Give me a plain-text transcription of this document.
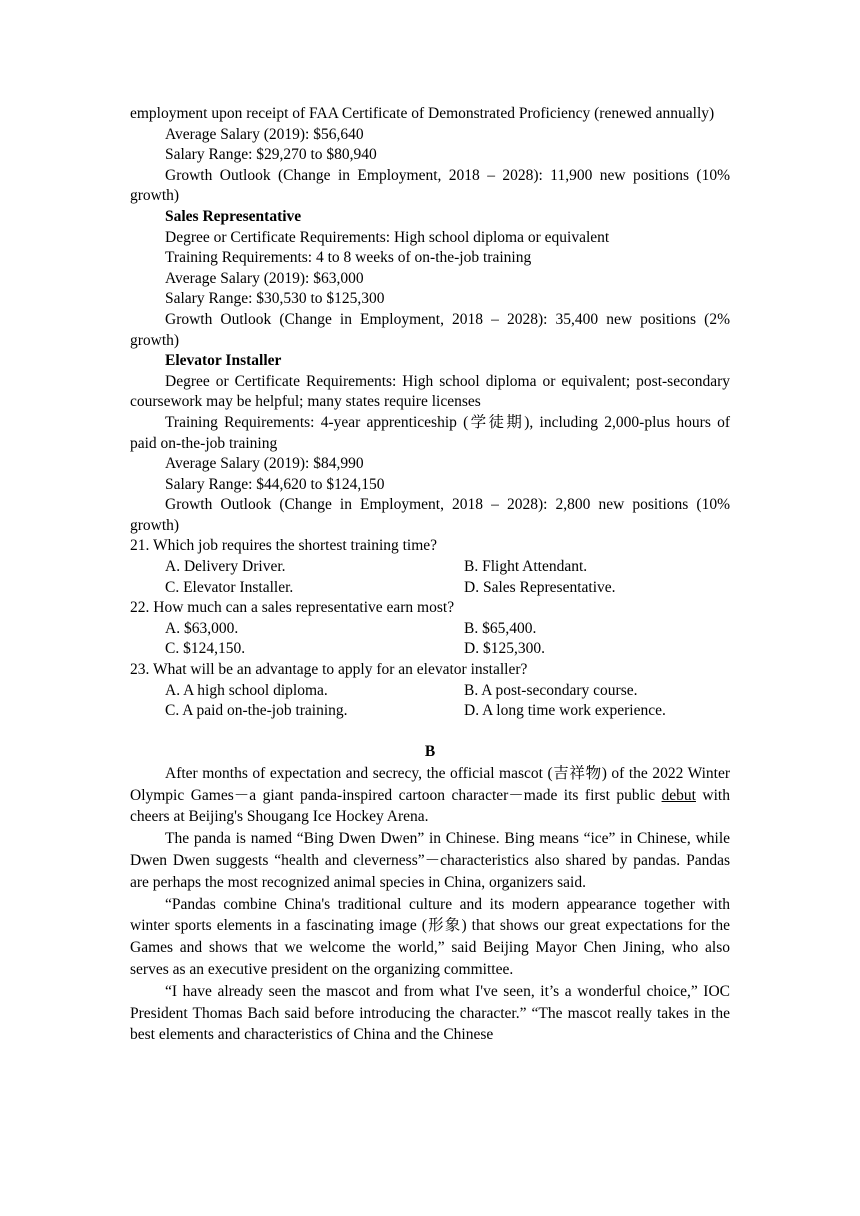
employment upon receipt of FAA Certificate of Demonstrated Proficiency (renewed annually)

Average Salary (2019): $56,640

Salary Range: $29,270 to $80,940

Growth Outlook (Change in Employment, 2018 – 2028): 11,900 new positions (10% growth)

Sales Representative

Degree or Certificate Requirements: High school diploma or equivalent

Training Requirements: 4 to 8 weeks of on-the-job training

Average Salary (2019): $63,000

Salary Range: $30,530 to $125,300

Growth Outlook (Change in Employment, 2018 – 2028): 35,400 new positions (2% growth)

Elevator Installer

Degree or Certificate Requirements: High school diploma or equivalent; post-secondary coursework may be helpful; many states require licenses

Training Requirements: 4-year apprenticeship (学徒期), including 2,000-plus hours of paid on-the-job training

Average Salary (2019): $84,990

Salary Range: $44,620 to $124,150

Growth Outlook (Change in Employment, 2018 – 2028): 2,800 new positions (10% growth)

21. Which job requires the shortest training time?

A. Delivery Driver.	B. Flight Attendant.
C. Elevator Installer.	D. Sales Representative.

22. How much can a sales representative earn most?

A. $63,000.	B. $65,400.
C. $124,150.	D. $125,300.

23. What will be an advantage to apply for an elevator installer?

A. A high school diploma.	B. A post-secondary course.
C. A paid on-the-job training.	D. A long time work experience.

B

After months of expectation and secrecy, the official mascot (吉祥物) of the 2022 Winter Olympic Games－a giant panda-inspired cartoon character－made its first public debut with cheers at Beijing's Shougang Ice Hockey Arena.

The panda is named “Bing Dwen Dwen” in Chinese. Bing means “ice” in Chinese, while Dwen Dwen suggests “health and cleverness”－characteristics also shared by pandas. Pandas are perhaps the most recognized animal species in China, organizers said.

“Pandas combine China's traditional culture and its modern appearance together with winter sports elements in a fascinating image (形象) that shows our great expectations for the Games and shows that we welcome the world,” said Beijing Mayor Chen Jining, who also serves as an executive president on the organizing committee.

“I have already seen the mascot and from what I've seen, it’s a wonderful choice,” IOC President Thomas Bach said before introducing the character.” “The mascot really takes in the best elements and characteristics of China and the Chinese
